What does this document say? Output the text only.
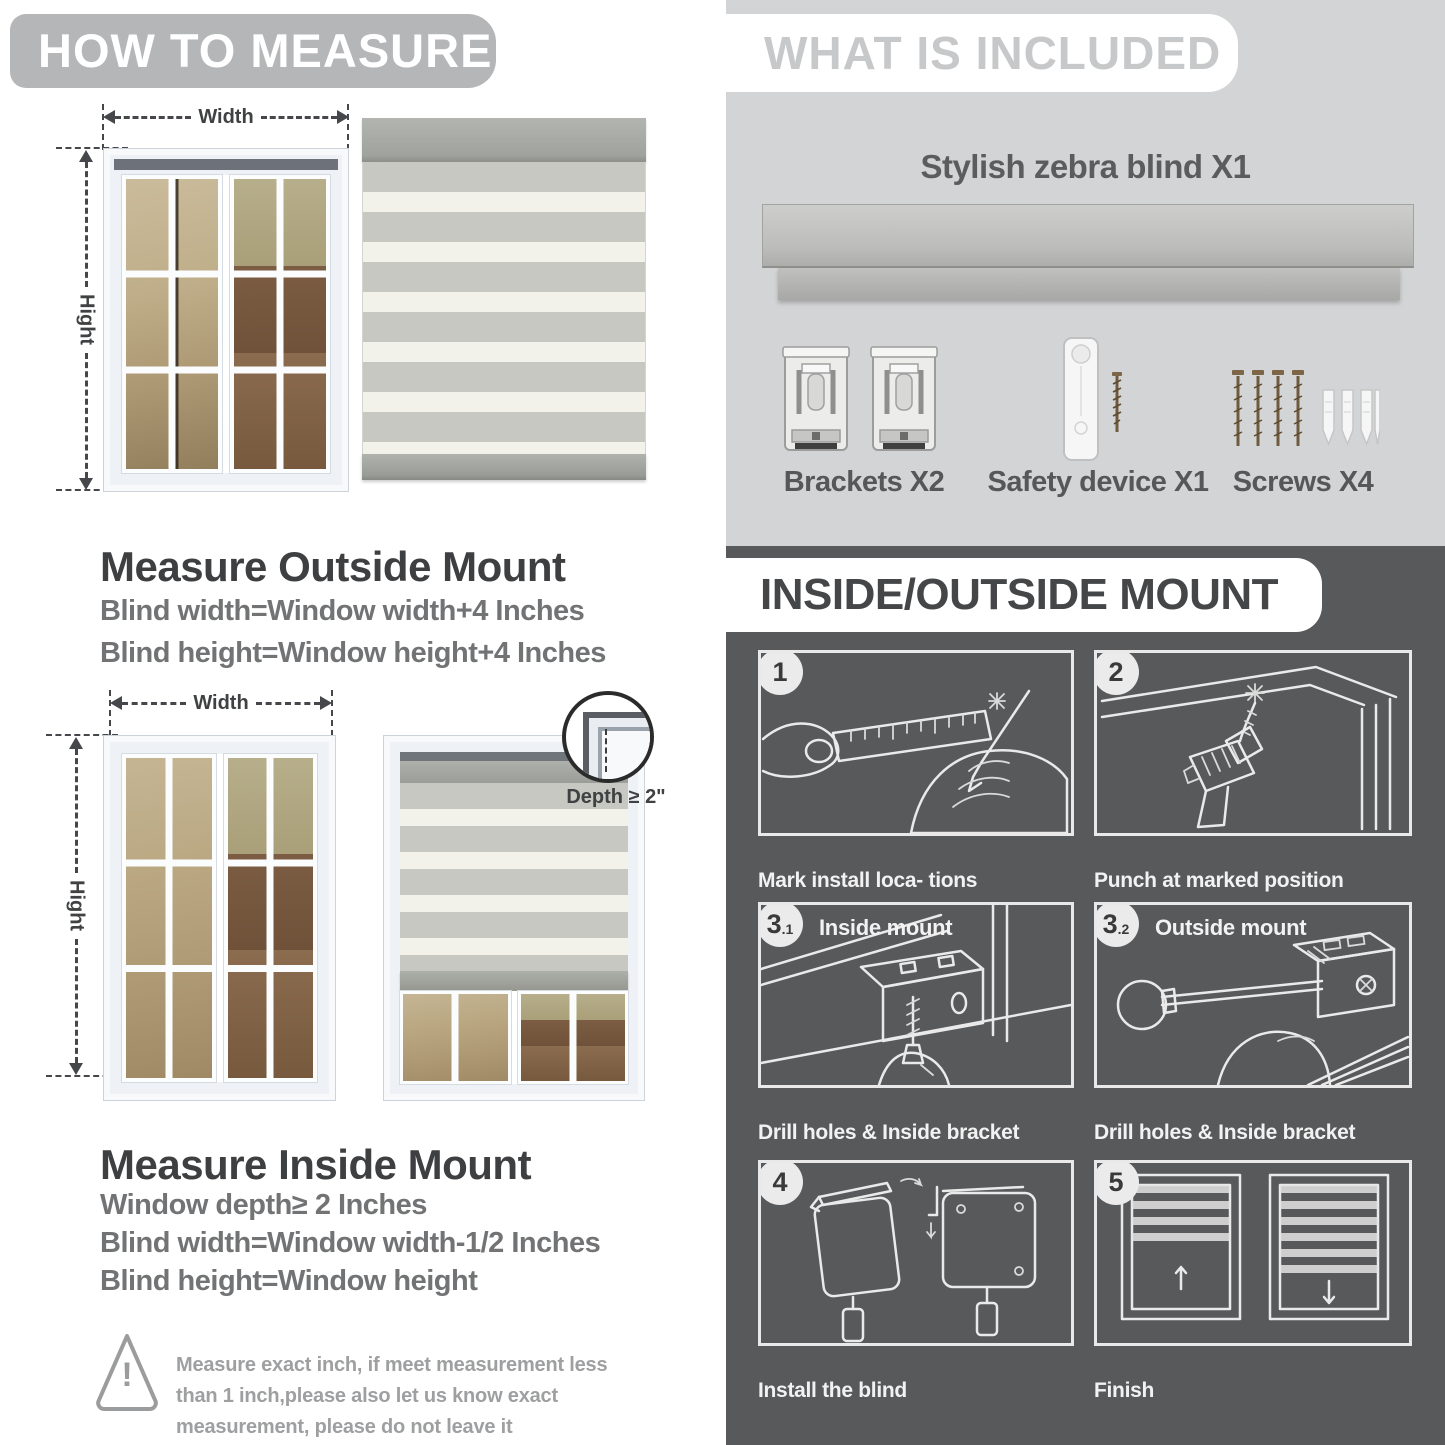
HOW TO MEASURE
Width
Hight
Measure Outside Mount

Blind width=Window width+4 Inches

Blind height=Window height+4 Inches

Width
Hight
Depth ≥ 2"
Measure Inside Mount

Window depth≥ 2 Inches

Blind width=Window width-1/2 Inches

Blind height=Window height

!	Measure exact inch, if meet measurement less than 1 inch,please also let us know exact measurement, please do not leave it

WHAT IS INCLUDED
Stylish zebra blind X1
Brackets X2	Safety device X1 Screws X4
INSIDE/OUTSIDE MOUNT
1

Mark install loca- tions

2

Punch at marked position

3 .1 Inside mount

Drill holes & Inside bracket

3 .2 Outside mount

Drill holes & Inside bracket

4

Install the blind

5

Finish
